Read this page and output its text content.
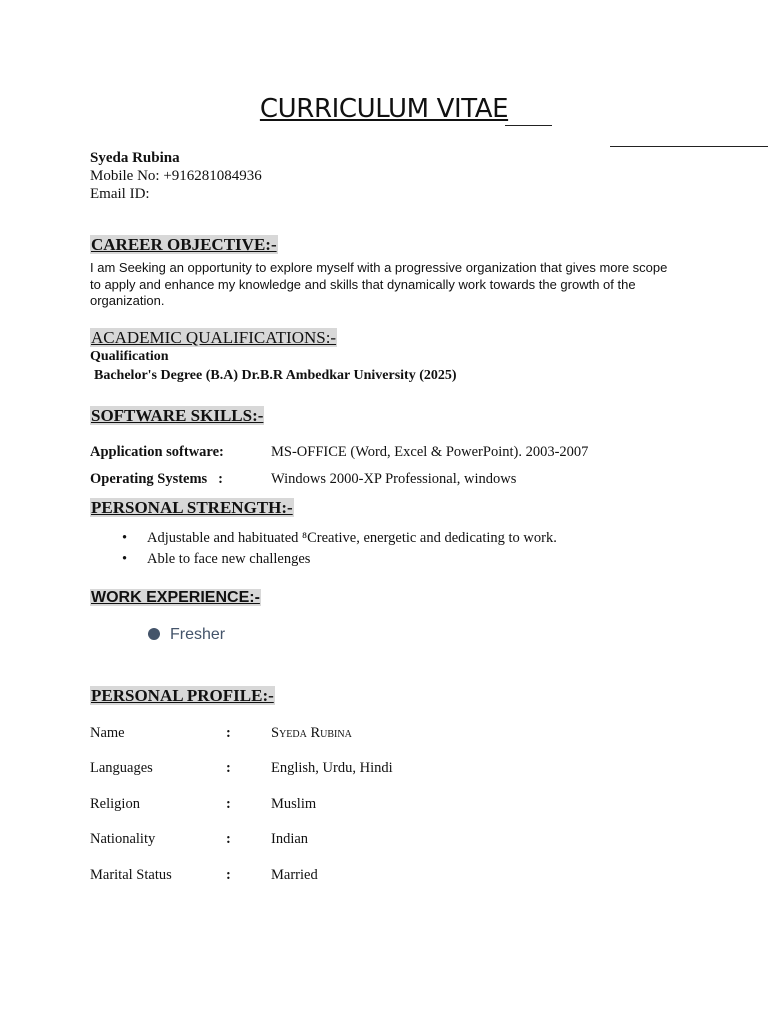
CURRICULUM VITAE
Syeda Rubina
Mobile No: +916281084936
Email ID:
CAREER OBJECTIVE:-
I am Seeking an opportunity to explore myself with a progressive organization that gives more scope to apply and enhance my knowledge and skills that dynamically work towards the growth of the organization.
ACADEMIC QUALIFICATIONS:-
Qualification
Bachelor's Degree (B.A) Dr.B.R Ambedkar University (2025)
SOFTWARE SKILLS:-
Application software:	MS-OFFICE (Word, Excel & PowerPoint). 2003-2007
Operating Systems   :	Windows 2000-XP Professional, windows
PERSONAL STRENGTH:-
• Adjustable and habituated ⁸Creative, energetic and dedicating to work.
• Able to face new challenges
WORK EXPERIENCE:-
Fresher
PERSONAL PROFILE:-
Name	:	Syeda Rubina
Languages	:	English, Urdu, Hindi
Religion	:	Muslim
Nationality	:	Indian
Marital Status	:	Married
